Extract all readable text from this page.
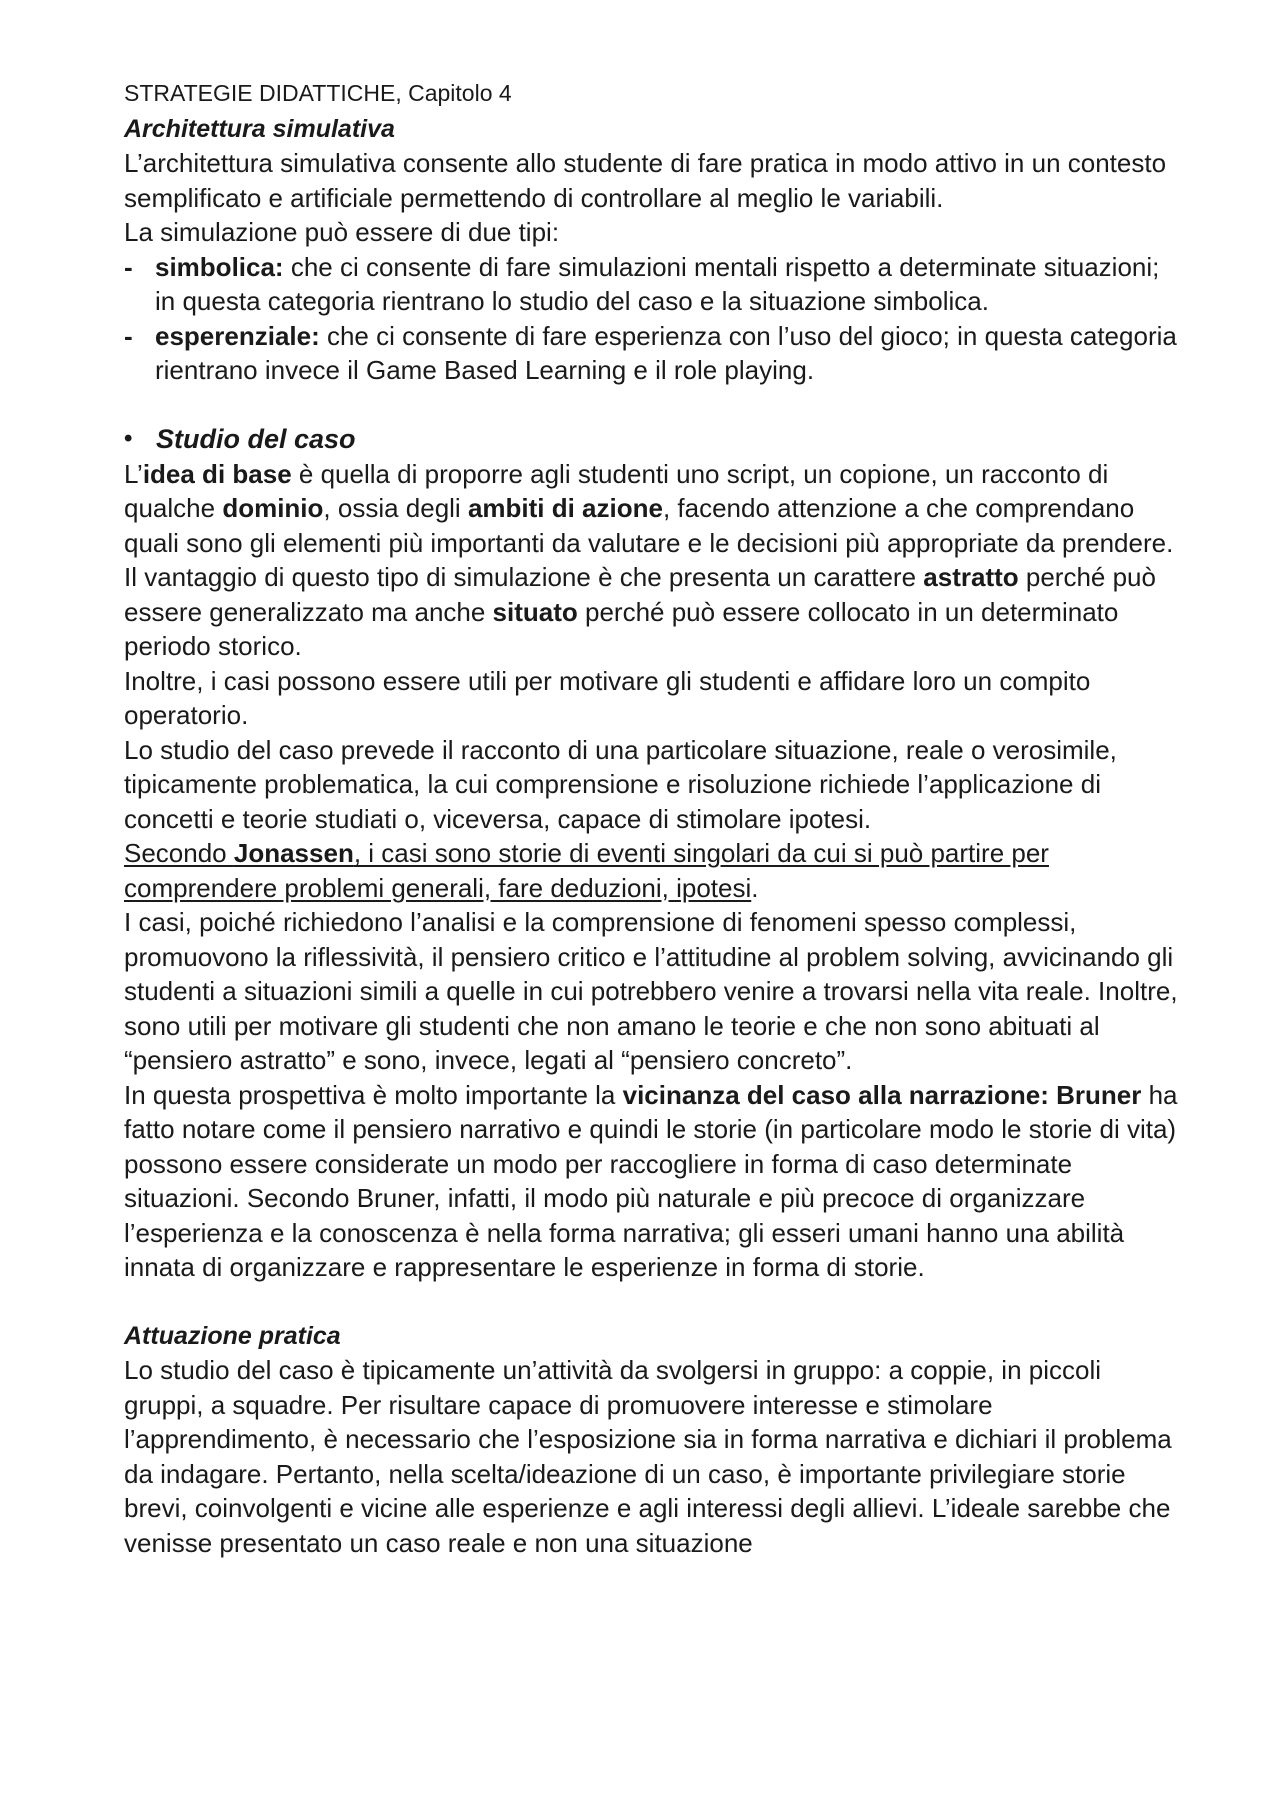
STRATEGIE DIDATTICHE, Capitolo 4
Architettura simulativa

L’architettura simulativa consente allo studente di fare pratica in modo attivo in un contesto semplificato e artificiale permettendo di controllare al meglio le variabili.

La simulazione può essere di due tipi:

- simbolica: che ci consente di fare simulazioni mentali rispetto a determinate situazioni; in questa categoria rientrano lo studio del caso e la situazione simbolica.
- esperenziale: che ci consente di fare esperienza con l’uso del gioco; in questa categoria rientrano invece il Game Based Learning e il role playing.
• Studio del caso

L’idea di base è quella di proporre agli studenti uno script, un copione, un racconto di qualche dominio, ossia degli ambiti di azione, facendo attenzione a che comprendano quali sono gli elementi più importanti da valutare e le decisioni più appropriate da prendere. Il vantaggio di questo tipo di simulazione è che presenta un carattere astratto perché può essere generalizzato ma anche situato perché può essere collocato in un determinato periodo storico.

Inoltre, i casi possono essere utili per motivare gli studenti e affidare loro un compito operatorio.

Lo studio del caso prevede il racconto di una particolare situazione, reale o verosimile, tipicamente problematica, la cui comprensione e risoluzione richiede l’applicazione di concetti e teorie studiati o, viceversa, capace di stimolare ipotesi.

Secondo Jonassen, i casi sono storie di eventi singolari da cui si può partire per comprendere problemi generali, fare deduzioni, ipotesi.

I casi, poiché richiedono l’analisi e la comprensione di fenomeni spesso complessi, promuovono la riflessività, il pensiero critico e l’attitudine al problem solving, avvicinando gli studenti a situazioni simili a quelle in cui potrebbero venire a trovarsi nella vita reale. Inoltre, sono utili per motivare gli studenti che non amano le teorie e che non sono abituati al “pensiero astratto” e sono, invece, legati al “pensiero concreto”.

In questa prospettiva è molto importante la vicinanza del caso alla narrazione: Bruner ha fatto notare come il pensiero narrativo e quindi le storie (in particolare modo le storie di vita) possono essere considerate un modo per raccogliere in forma di caso determinate situazioni. Secondo Bruner, infatti, il modo più naturale e più precoce di organizzare l’esperienza e la conoscenza è nella forma narrativa; gli esseri umani hanno una abilità innata di organizzare e rappresentare le esperienze in forma di storie.

Attuazione pratica

Lo studio del caso è tipicamente un’attività da svolgersi in gruppo: a coppie, in piccoli gruppi, a squadre. Per risultare capace di promuovere interesse e stimolare l’apprendimento, è necessario che l’esposizione sia in forma narrativa e dichiari il problema da indagare. Pertanto, nella scelta/ideazione di un caso, è importante privilegiare storie brevi, coinvolgenti e vicine alle esperienze e agli interessi degli allievi. L’ideale sarebbe che venisse presentato un caso reale e non una situazione
